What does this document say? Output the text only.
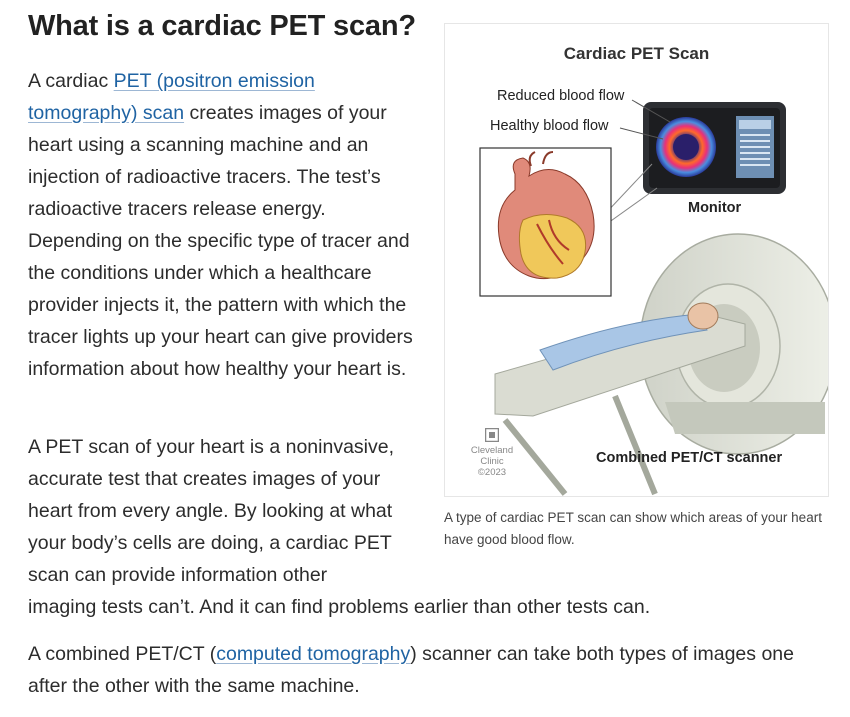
What is a cardiac PET scan?
A cardiac PET (positron emission tomography) scan creates images of your heart using a scanning machine and an injection of radioactive tracers. The test’s radioactive tracers release energy. Depending on the specific type of tracer and the conditions under which a healthcare provider injects it, the pattern with which the tracer lights up your heart can give providers information about how healthy your heart is.
A PET scan of your heart is a noninvasive, accurate test that creates images of your heart from every angle. By looking at what your body’s cells are doing, a cardiac PET scan can provide information other
imaging tests can’t. And it can find problems earlier than other tests can.
A combined PET/CT (computed tomography) scanner can take both types of images one after the other with the same machine.
Cardiac PET Scan
Reduced blood flow
Healthy blood flow
Monitor
Combined PET/CT scanner
Cleveland
Clinic
©2023
A type of cardiac PET scan can show which areas of your heart have good blood flow.
